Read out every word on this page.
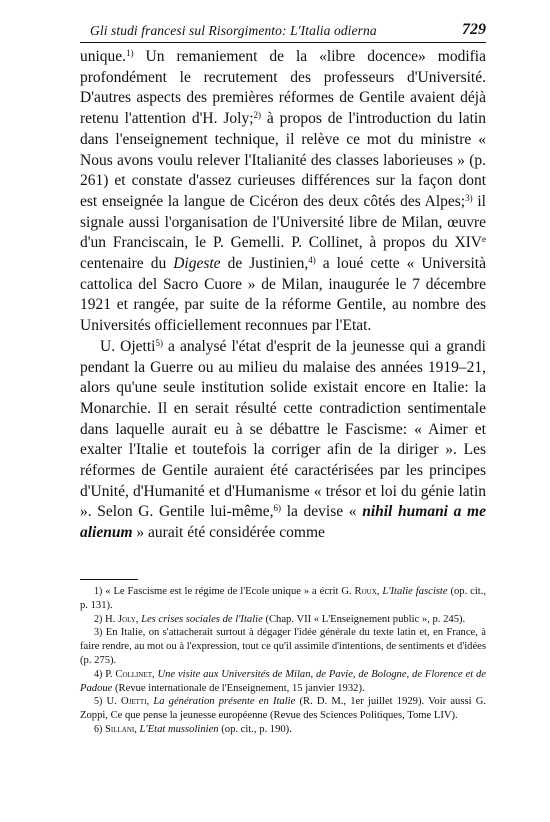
Gli studi francesi sul Risorgimento: L'Italia odierna	729

unique.$^{1)}$ Un remaniement de la «libre docence» modifia profondément le recrutement des professeurs d'Université. D'autres aspects des premières réformes de Gentile avaient déjà retenu l'attention d'H. Joly;$^{2)}$ à propos de l'introduction du latin dans l'enseignement technique, il relève ce mot du ministre « Nous avons voulu relever l'Italianité des classes laborieuses » (p. 261) et constate d'assez curieuses différences sur la façon dont est enseignée la langue de Cicéron des deux côtés des Alpes;$^{3)}$ il signale aussi l'organisation de l'Université libre de Milan, œuvre d'un Franciscain, le P. Gemelli. P. Collinet, à propos du XIVe centenaire du Digeste de Justinien,$^{4)}$ a loué cette « Università cattolica del Sacro Cuore » de Milan, inaugurée le 7 décembre 1921 et rangée, par suite de la réforme Gentile, au nombre des Universités officiellement reconnues par l'Etat.

U. Ojetti$^{5)}$ a analysé l'état d'esprit de la jeunesse qui a grandi pendant la Guerre ou au milieu du malaise des années 1919–21, alors qu'une seule institution solide existait encore en Italie: la Monarchie. Il en serait résulté cette contradiction sentimentale dans laquelle aurait eu à se débattre le Fascisme: « Aimer et exalter l'Italie et toutefois la corriger afin de la diriger ». Les réformes de Gentile auraient été caractérisées par les principes d'Unité, d'Humanité et d'Humanisme « trésor et loi du génie latin ». Selon G. Gentile lui-même,$^{6)}$ la devise « nihil humani a me alienum » aurait été considérée comme

1) « Le Fascisme est le régime de l'Ecole unique » a écrit G. Roux, L'Italie fasciste (op. cit., p. 131).

2) H. Joly, Les crises sociales de l'Italie (Chap. VII « L'Enseignement public », p. 245).

3) En Italie, on s'attacherait surtout à dégager l'idée générale du texte latin et, en France, à faire rendre, au mot ou à l'expression, tout ce qu'il assimile d'intentions, de sentiments et d'idées (p. 275).

4) P. Collinet, Une visite aux Universités de Milan, de Pavie, de Bologne, de Florence et de Padoue (Revue internationale de l'Enseignement, 15 janvier 1932).

5) U. Ojetti, La génération présente en Italie (R. D. M., 1er juillet 1929). Voir aussi G. Zoppi, Ce que pense la jeunesse européenne (Revue des Sciences Politiques, Tome LIV).

6) Sillani, L'Etat mussolinien (op. cit., p. 190).
